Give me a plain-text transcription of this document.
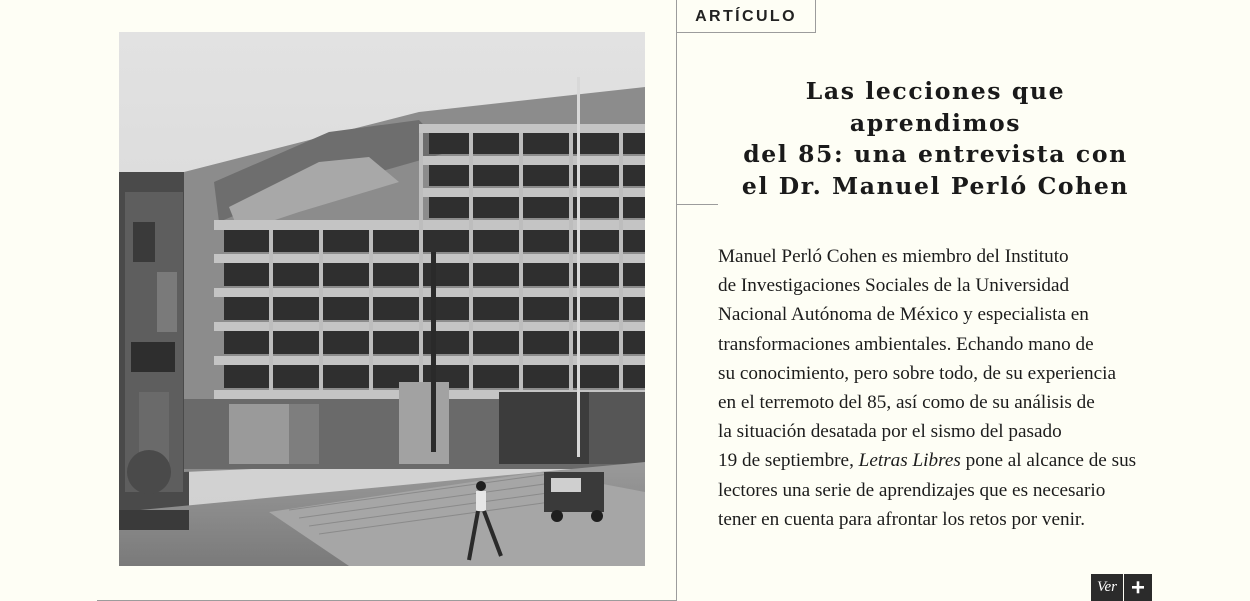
ARTÍCULO
Las lecciones que aprendimos
del 85: una entrevista con
el Dr. Manuel Perló Cohen

Manuel Perló Cohen es miembro del Instituto
de Investigaciones Sociales de la Universidad
Nacional Autónoma de México y especialista en
transformaciones ambientales. Echando mano de
su conocimiento, pero sobre todo, de su experiencia
en el terremoto del 85, así como de su análisis de
la situación desatada por el sismo del pasado
19 de septiembre, Letras Libres pone al alcance de sus
lectores una serie de aprendizajes que es necesario
tener en cuenta para afrontar los retos por venir.

Ver
